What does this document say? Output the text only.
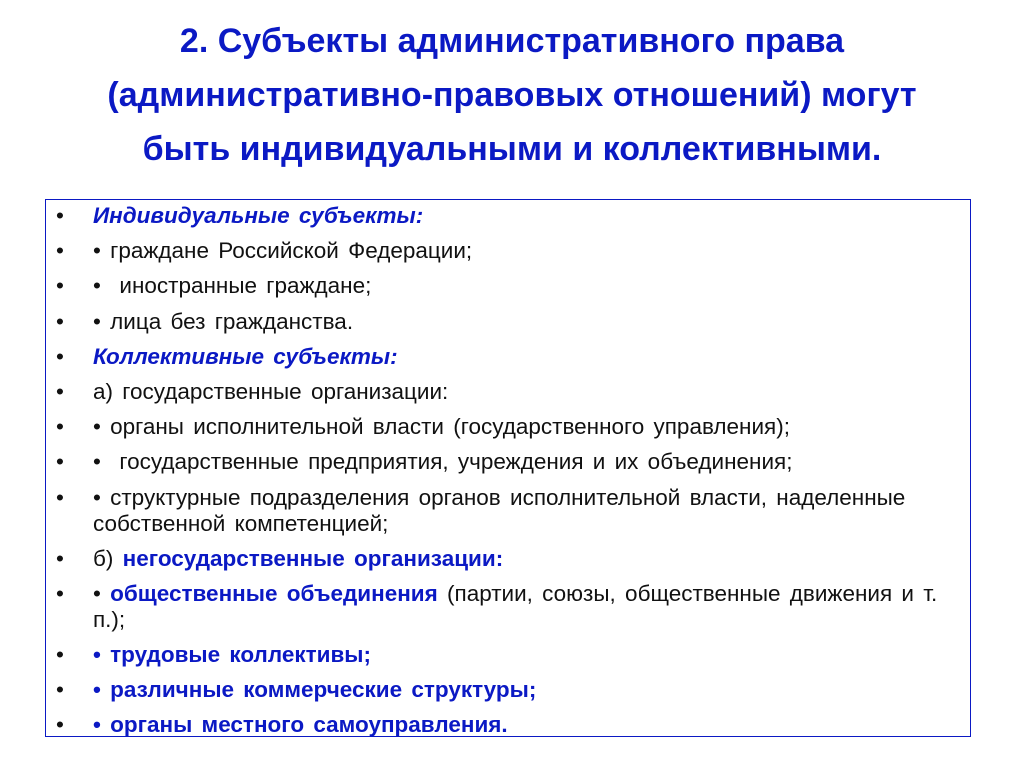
2. Субъекты административного права
(административно-правовых отношений) могут
быть индивидуальными и коллективными.
• Индивидуальные субъекты:
• • граждане Российской Федерации;
• •  иностранные граждане;
• • лица без гражданства.
• Коллективные субъекты:
• а) государственные организации:
• • органы исполнительной власти (государственного управления);
• •  государственные предприятия, учреждения и их объединения;
• • структурные подразделения органов исполнительной власти, наделенные собственной компетенцией;
• б) негосударственные организации:
• • общественные объединения (партии, союзы, общественные движения и т. п.);
• • трудовые коллективы;
• • различные коммерческие структуры;
• • органы местного самоуправления.
